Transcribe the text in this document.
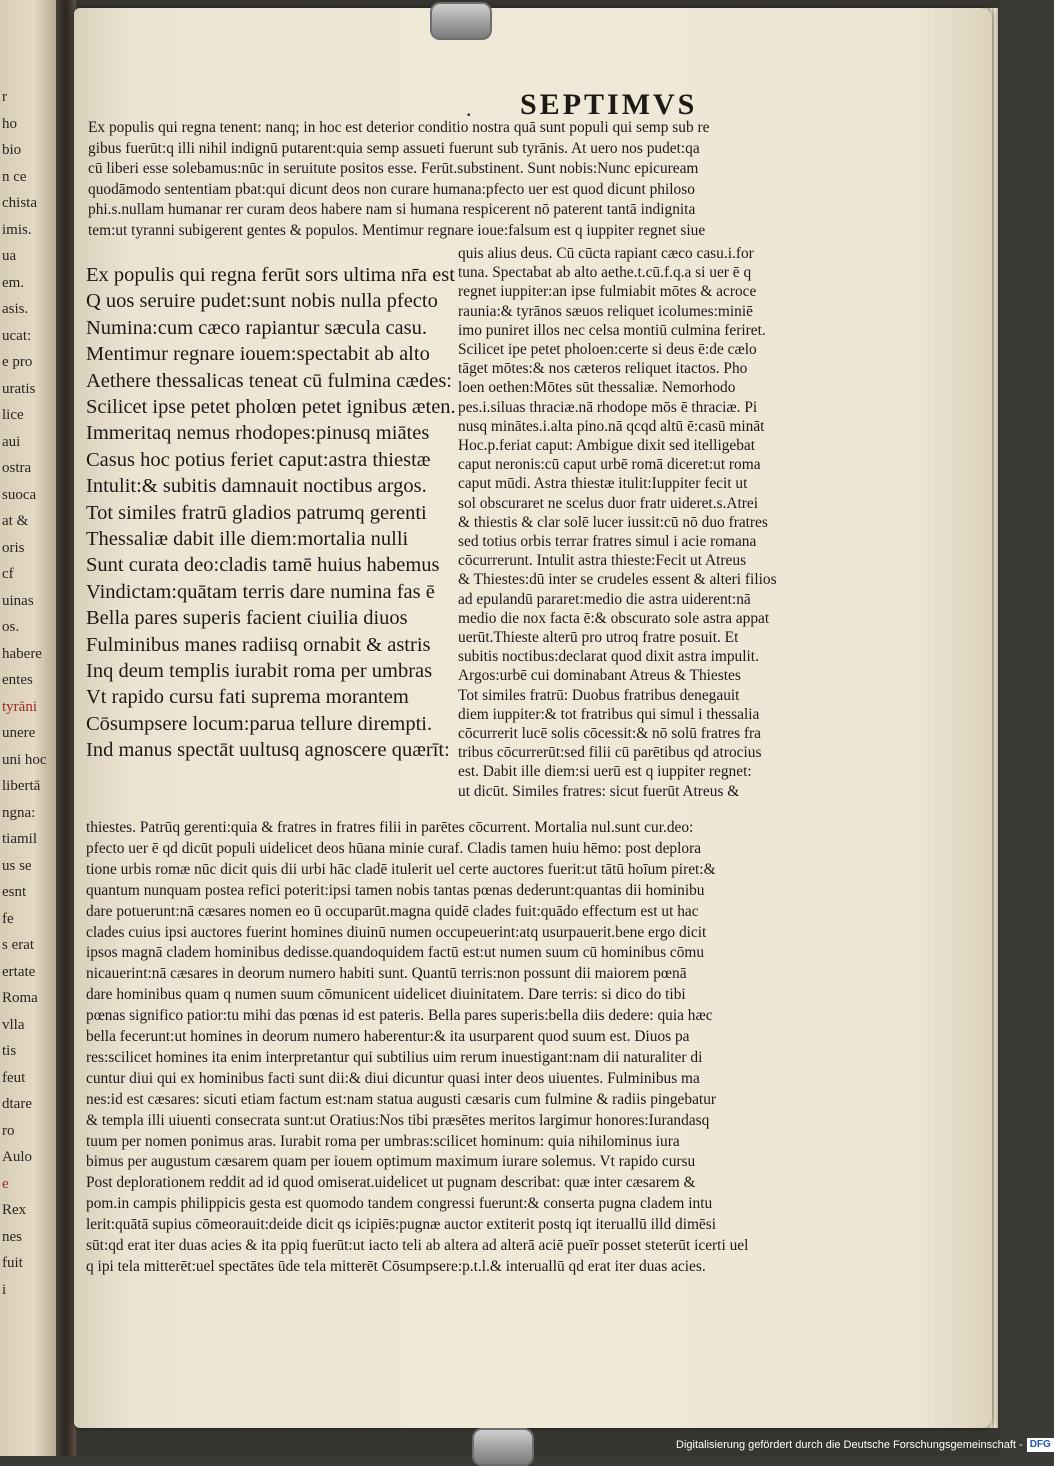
r
ho
bio
n ce
chista
imis.
ua
em.
asis.
ucat:
e pro
uratis
lice
aui
ostra
suoca
at &
oris
cf
uinas
os.
habere
entes
tyrāni
unere
uni hoc
libertā
ngna:
tiamil
us se
esnt
fe
s erat
ertate
Roma
vlla
tis
feut
dtare
ro
Aulo
e
Rex
nes
fuit
i
. SEPTIMVS
Ex populis qui regna tenent: nanq; in hoc est deterior conditio nostra quā sunt populi qui semp sub re
gibus fuerūt:q illi nihil indignū putarent:quia semp assueti fuerunt sub tyrānis. At uero nos pudet:qa
cū liberi esse solebamus:nūc in seruitute positos esse. Ferūt.substinent. Sunt nobis:Nunc epicuream
quodāmodo sententiam pbat:qui dicunt deos non curare humana:pfecto uer est quod dicunt philoso
phi.s.nullam humanar rer curam deos habere nam si humana respicerent nō paterent tantā indignita
tem:ut tyranni subigerent gentes & populos. Mentimur regnare ioue:falsum est q iuppiter regnet siue
Ex populis qui regna ferūt sors ultima nr̄a est
Q uos seruire pudet:sunt nobis nulla pfecto
Numina:cum cæco rapiantur sæcula casu.
Mentimur regnare iouem:spectabit ab alto
Aethere thessalicas teneat cū fulmina cædes:
Scilicet ipse petet pholœn petet ignibus æten.
Immeritaq nemus rhodopes:pinusq miātes
Casus hoc potius feriet caput:astra thiestæ
Intulit:& subitis damnauit noctibus argos.
Tot similes fratrū gladios patrumq gerenti
Thessaliæ dabit ille diem:mortalia nulli
Sunt curata deo:cladis tamē huius habemus
Vindictam:quātam terris dare numina fas ē
Bella pares superis facient ciuilia diuos
Fulminibus manes radiisq ornabit & astris
Inq deum templis iurabit roma per umbras
Vt rapido cursu fati suprema morantem
Cōsumpsere locum:parua tellure dirempti.
Ind manus spectāt uultusq agnoscere quærīt:
quis alius deus. Cū cūcta rapiant cæco casu.i.for
tuna. Spectabat ab alto aethe.t.cū.f.q.a si uer ē q
regnet iuppiter:an ipse fulmiabit mōtes & acroce
raunia:& tyrānos sæuos reliquet icolumes:miniē
imo puniret illos nec celsa montiū culmina feriret.
Scilicet ipe petet pholoen:certe si deus ē:de cælo
tāget mōtes:& nos cæteros reliquet itactos. Pho
loen oethen:Mōtes sūt thessaliæ. Nemorhodo
pes.i.siluas thraciæ.nā rhodope mōs ē thraciæ. Pi
nusq minātes.i.alta pino.nā qcqd altū ē:casū mināt
Hoc.p.feriat caput: Ambigue dixit sed itelligebat
caput neronis:cū caput urbē romā diceret:ut roma
caput mūdi. Astra thiestæ itulit:Iuppiter fecit ut
sol obscuraret ne scelus duor fratr uideret.s.Atrei
& thiestis & clar solē lucer iussit:cū nō duo fratres
sed totius orbis terrar fratres simul i acie romana
cōcurrerunt. Intulit astra thieste:Fecit ut Atreus
& Thiestes:dū inter se crudeles essent & alteri filios
ad epulandū pararet:medio die astra uiderent:nā
medio die nox facta ē:& obscurato sole astra appat
uerūt.Thieste alterū pro utroq fratre posuit. Et
subitis noctibus:declarat quod dixit astra impulit.
Argos:urbē cui dominabant Atreus & Thiestes
Tot similes fratrū: Duobus fratribus denegauit
diem iuppiter:& tot fratribus qui simul i thessalia
cōcurrerit lucē solis cōcessit:& nō solū fratres fra
tribus cōcurrerūt:sed filii cū parētibus qd atrocius
est. Dabit ille diem:si uerū est q iuppiter regnet:
ut dicūt. Similes fratres: sicut fuerūt Atreus &
thiestes. Patrūq gerenti:quia & fratres in fratres filii in parētes cōcurrent. Mortalia nul.sunt cur.deo:
pfecto uer ē qd dicūt populi uidelicet deos hūana minie curaf. Cladis tamen huiu hēmo: post deplora
tione urbis romæ nūc dicit quis dii urbi hāc cladē itulerit uel certe auctores fuerit:ut tātū hoīum piret:&
quantum nunquam postea refici poterit:ipsi tamen nobis tantas pœnas dederunt:quantas dii hominibu
dare potuerunt:nā cæsares nomen eo ū occuparūt.magna quidē clades fuit:quādo effectum est ut hac
clades cuius ipsi auctores fuerint homines diuinū numen occupeuerint:atq usurpauerit.bene ergo dicit
ipsos magnā cladem hominibus dedisse.quandoquidem factū est:ut numen suum cū hominibus cōmu
nicauerint:nā cæsares in deorum numero habiti sunt. Quantū terris:non possunt dii maiorem pœnā
dare hominibus quam q numen suum cōmunicent uidelicet diuinitatem. Dare terris: si dico do tibi
pœnas significo patior:tu mihi das pœnas id est pateris. Bella pares superis:bella diis dedere: quia hæc
bella fecerunt:ut homines in deorum numero haberentur:& ita usurparent quod suum est. Diuos pa
res:scilicet homines ita enim interpretantur qui subtilius uim rerum inuestigant:nam dii naturaliter di
cuntur diui qui ex hominibus facti sunt dii:& diui dicuntur quasi inter deos uiuentes. Fulminibus ma
nes:id est cæsares: sicuti etiam factum est:nam statua augusti cæsaris cum fulmine & radiis pingebatur
& templa illi uiuenti consecrata sunt:ut Oratius:Nos tibi præsētes meritos largimur honores:Iurandasq
tuum per nomen ponimus aras. Iurabit roma per umbras:scilicet hominum: quia nihilominus iura
bimus per augustum cæsarem quam per iouem optimum maximum iurare solemus. Vt rapido cursu
Post deplorationem reddit ad id quod omiserat.uidelicet ut pugnam describat: quæ inter cæsarem &
pom.in campis philippicis gesta est quomodo tandem congressi fuerunt:& conserta pugna cladem intu
lerit:quātā supius cōmeorauit:deide dicit qs icipiēs:pugnæ auctor extiterit postq iqt iteruallū illd dimēsi
sūt:qd erat iter duas acies & ita ppiq fuerūt:ut iacto teli ab altera ad alterā aciē pueīr posset steterūt icerti uel
q ipi tela mitterēt:uel spectātes ūde tela mitterēt Cōsumpsere:p.t.l.& interuallū qd erat iter duas acies.
Digitalisierung gefördert durch die Deutsche Forschungsgemeinschaft - DFG
